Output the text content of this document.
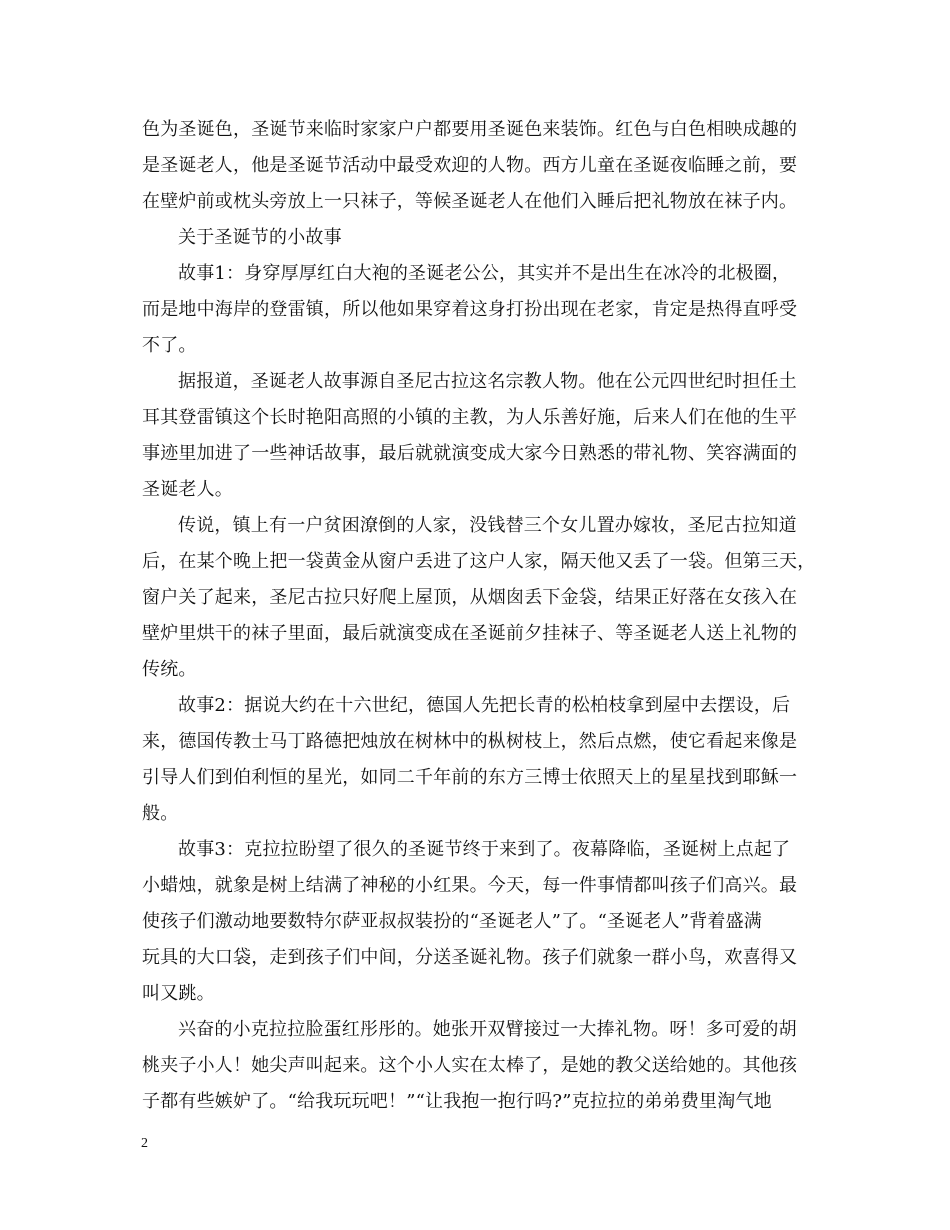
色为圣诞色，圣诞节来临时家家户户都要用圣诞色来装饰。红色与白色相映成趣的
是圣诞老人，他是圣诞节活动中最受欢迎的人物。西方儿童在圣诞夜临睡之前，要
在壁炉前或枕头旁放上一只袜子，等候圣诞老人在他们入睡后把礼物放在袜子内。
关于圣诞节的小故事
故事1：身穿厚厚红白大袍的圣诞老公公，其实并不是出生在冰冷的北极圈，
而是地中海岸的登雷镇，所以他如果穿着这身打扮出现在老家，肯定是热得直呼受
不了。
据报道，圣诞老人故事源自圣尼古拉这名宗教人物。他在公元四世纪时担任土
耳其登雷镇这个长时艳阳高照的小镇的主教，为人乐善好施，后来人们在他的生平
事迹里加进了一些神话故事，最后就就演变成大家今日熟悉的带礼物、笑容满面的
圣诞老人。
传说，镇上有一户贫困潦倒的人家，没钱替三个女儿置办嫁妆，圣尼古拉知道
后，在某个晚上把一袋黄金从窗户丢进了这户人家，隔天他又丢了一袋。但第三天，
窗户关了起来，圣尼古拉只好爬上屋顶，从烟囱丢下金袋，结果正好落在女孩入在
壁炉里烘干的袜子里面，最后就演变成在圣诞前夕挂袜子、等圣诞老人送上礼物的
传统。
故事2：据说大约在十六世纪，德国人先把长青的松柏枝拿到屋中去摆设，后
来，德国传教士马丁路德把烛放在树林中的枞树枝上，然后点燃，使它看起来像是
引导人们到伯利恒的星光，如同二千年前的东方三博士依照天上的星星找到耶稣一
般。
故事3：克拉拉盼望了很久的圣诞节终于来到了。夜幕降临，圣诞树上点起了
小蜡烛，就象是树上结满了神秘的小红果。今天，每一件事情都叫孩子们高兴。最
使孩子们激动地要数特尔萨亚叔叔装扮的“圣诞老人”了。“圣诞老人”背着盛满
玩具的大口袋，走到孩子们中间，分送圣诞礼物。孩子们就象一群小鸟，欢喜得又
叫又跳。
兴奋的小克拉拉脸蛋红彤彤的。她张开双臂接过一大捧礼物。呀！多可爱的胡
桃夹子小人！她尖声叫起来。这个小人实在太棒了，是她的教父送给她的。其他孩
子都有些嫉妒了。“给我玩玩吧！”“让我抱一抱行吗?”克拉拉的弟弟费里淘气地
2
